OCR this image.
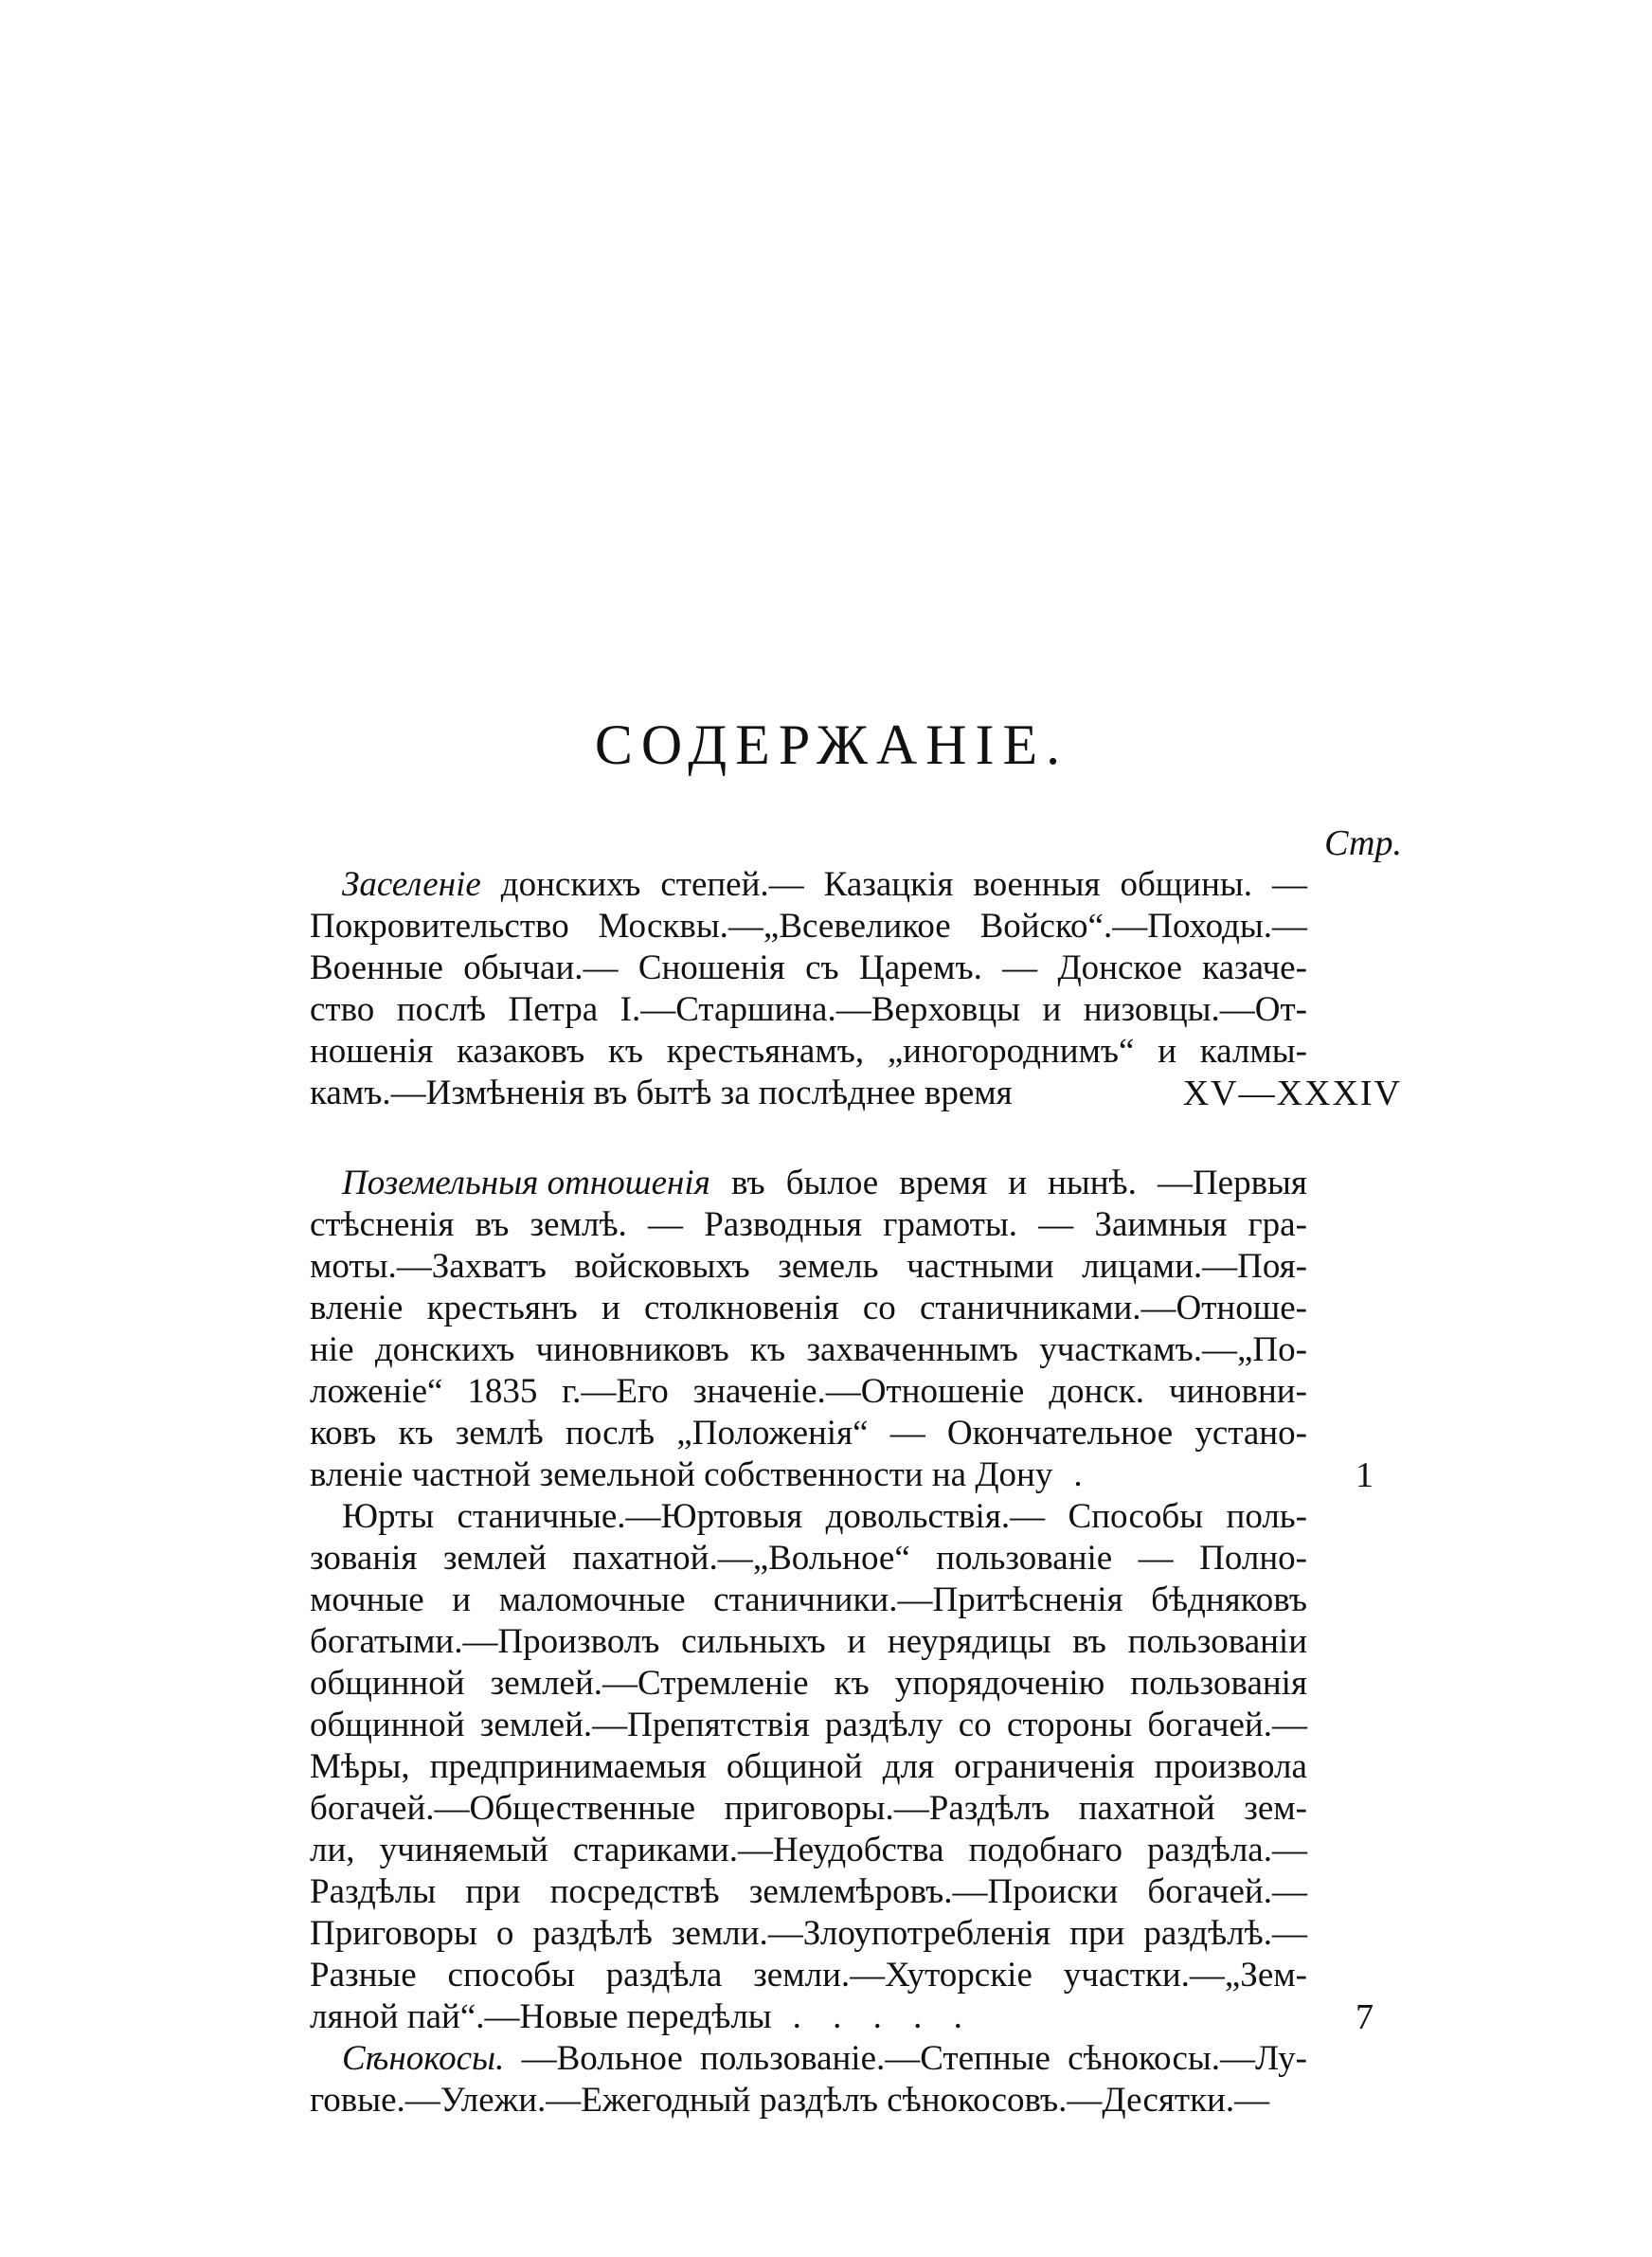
СОДЕРЖАНІЕ.
Стр.
Заселеніе донскихъ степей.— Казацкія военныя общины. —
Покровительство Москвы.—„Всевеликое Войско“.—Походы.—
Военные обычаи.— Сношенія съ Царемъ. — Донское казаче-
ство послѣ Петра I.—Старшина.—Верховцы и низовцы.—От-
ношенія казаковъ къ крестьянамъ, „иногороднимъ“ и калмы-
камъ.—Измѣненія въ бытѣ за послѣднее время	XV—XXXIV
Поземельныя отношенія въ былое время и нынѣ. —Первыя
стѣсненія въ землѣ. — Разводныя грамоты. — Заимныя гра-
моты.—Захватъ войсковыхъ земель частными лицами.—Поя-
вленіе крестьянъ и столкновенія со станичниками.—Отноше-
ніе донскихъ чиновниковъ къ захваченнымъ участкамъ.—„По-
ложеніе“ 1835 г.—Его значеніе.—Отношеніе донск. чиновни-
ковъ къ землѣ послѣ „Положенія“ — Окончательное устано-
вленіе частной земельной собственности на Дону .	1
Юрты станичные.—Юртовыя довольствія.— Способы поль-
зованія землей пахатной.—„Вольное“ пользованіе — Полно-
мочные и маломочные станичники.—Притѣсненія бѣдняковъ
богатыми.—Произволъ сильныхъ и неурядицы въ пользованіи
общинной землей.—Стремленіе къ упорядоченію пользованія
общинной землей.—Препятствія раздѣлу со стороны богачей.—
Мѣры, предпринимаемыя общиной для ограниченія произвола
богачей.—Общественные приговоры.—Раздѣлъ пахатной зем-
ли, учиняемый стариками.—Неудобства подобнаго раздѣла.—
Раздѣлы при посредствѣ землемѣровъ.—Происки богачей.—
Приговоры о раздѣлѣ земли.—Злоупотребленія при раздѣлѣ.—
Разные способы раздѣла земли.—Хуторскіе участки.—„Зем-
ляной пай“.—Новые передѣлы . . . . .	7
Сѣнокосы. —Вольное пользованіе.—Степные сѣнокосы.—Лу-
говые.—Улежи.—Ежегодный раздѣлъ сѣнокосовъ.—Десятки.—
